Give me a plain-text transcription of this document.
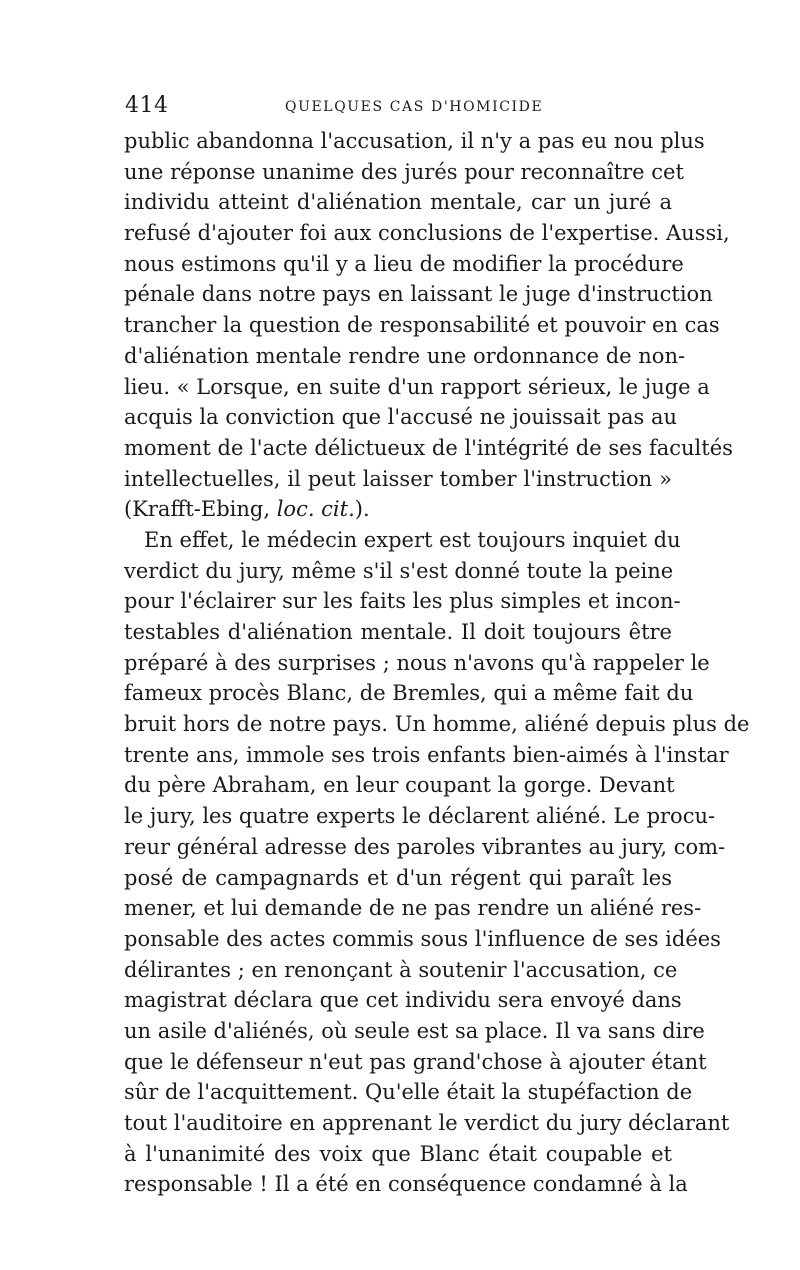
414	QUELQUES CAS D'HOMICIDE
public abandonna l'accusation, il n'y a pas eu nou plus
une réponse unanime des jurés pour reconnaître cet
individu atteint d'aliénation mentale, car un juré a
refusé d'ajouter foi aux conclusions de l'expertise. Aussi,
nous estimons qu'il y a lieu de modifier la procédure
pénale dans notre pays en laissant le juge d'instruction
trancher la question de responsabilité et pouvoir en cas
d'aliénation mentale rendre une ordonnance de non-
lieu. « Lorsque, en suite d'un rapport sérieux, le juge a
acquis la conviction que l'accusé ne jouissait pas au
moment de l'acte délictueux de l'intégrité de ses facultés
intellectuelles, il peut laisser tomber l'instruction »
(Krafft-Ebing, loc. cit.).
En effet, le médecin expert est toujours inquiet du
verdict du jury, même s'il s'est donné toute la peine
pour l'éclairer sur les faits les plus simples et incon-
testables d'aliénation mentale. Il doit toujours être
préparé à des surprises ; nous n'avons qu'à rappeler le
fameux procès Blanc, de Bremles, qui a même fait du
bruit hors de notre pays. Un homme, aliéné depuis plus de
trente ans, immole ses trois enfants bien-aimés à l'instar
du père Abraham, en leur coupant la gorge. Devant
le jury, les quatre experts le déclarent aliéné. Le procu-
reur général adresse des paroles vibrantes au jury, com-
posé de campagnards et d'un régent qui paraît les
mener, et lui demande de ne pas rendre un aliéné res-
ponsable des actes commis sous l'influence de ses idées
délirantes ; en renonçant à soutenir l'accusation, ce
magistrat déclara que cet individu sera envoyé dans
un asile d'aliénés, où seule est sa place. Il va sans dire
que le défenseur n'eut pas grand'chose à ajouter étant
sûr de l'acquittement. Qu'elle était la stupéfaction de
tout l'auditoire en apprenant le verdict du jury déclarant
à l'unanimité des voix que Blanc était coupable et
responsable ! Il a été en conséquence condamné à la
